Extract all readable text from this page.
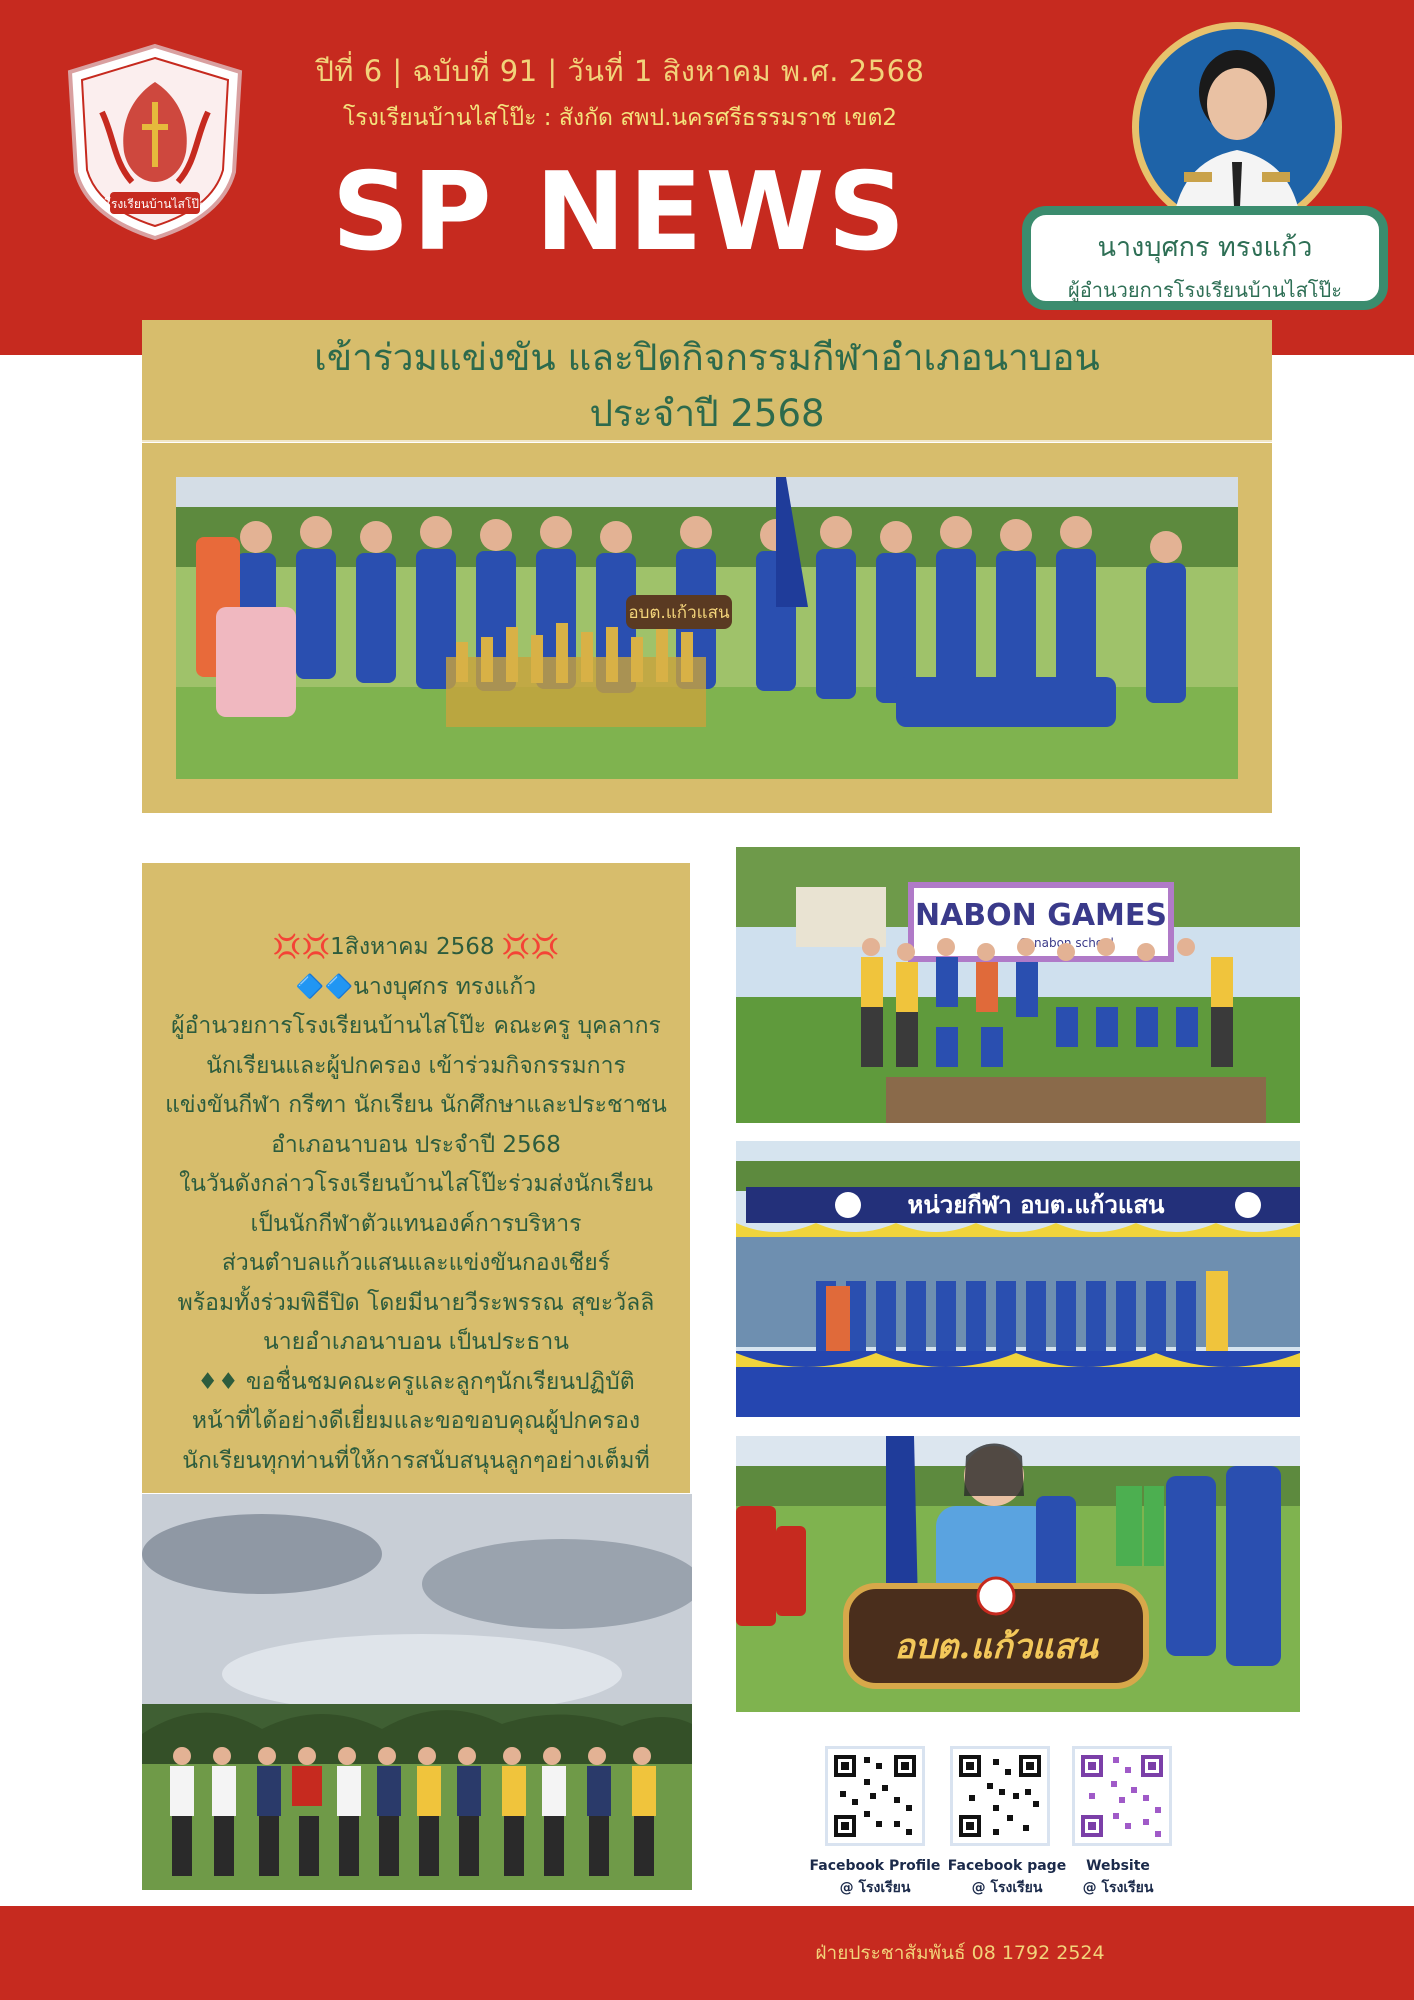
โรงเรียนบ้านไสโป๊ะ
ปีที่ 6 | ฉบับที่ 91 | วันที่ 1 สิงหาคม พ.ศ. 2568
โรงเรียนบ้านไสโป๊ะ : สังกัด สพป.นครศรีธรรมราช เขต2
SP NEWS	นางบุศกร ทรงแก้ว
ผู้อำนวยการโรงเรียนบ้านไสโป๊ะ
เข้าร่วมแข่งขัน และปิดกิจกรรมกีฬาอำเภอนาบอน
ประจำปี 2568
อบต.แก้วแสน
💢💢1สิงหาคม 2568 💢💢
🔷🔷นางบุศกร ทรงแก้ว
ผู้อำนวยการโรงเรียนบ้านไสโป๊ะ คณะครู บุคลากร
นักเรียนและผู้ปกครอง เข้าร่วมกิจกรรมการ
แข่งขันกีฬา กรีฑา นักเรียน นักศึกษาและประชาชน
อำเภอนาบอน ประจำปี 2568
ในวันดังกล่าวโรงเรียนบ้านไสโป๊ะร่วมส่งนักเรียน
เป็นนักกีฬาตัวแทนองค์การบริหาร
ส่วนตำบลแก้วแสนและแข่งขันกองเชียร์
พร้อมทั้งร่วมพิธีปิด โดยมีนายวีระพรรณ สุขะวัลลิ
นายอำเภอนาบอน เป็นประธาน
♦♦ ขอชื่นชมคณะครูและลูกๆนักเรียนปฏิบัติ
หน้าที่ได้อย่างดีเยี่ยมและขอขอบคุณผู้ปกครอง
นักเรียนทุกท่านที่ให้การสนับสนุนลูกๆอย่างเต็มที่
NABON GAMES
nabon school
หน่วยกีฬา อบต.แก้วแสน
อบต.แก้วแสน
Facebook Profile
@ โรงเรียน
Facebook page
@ โรงเรียน
Website
@ โรงเรียน
ฝ่ายประชาสัมพันธ์ 08 1792 2524
